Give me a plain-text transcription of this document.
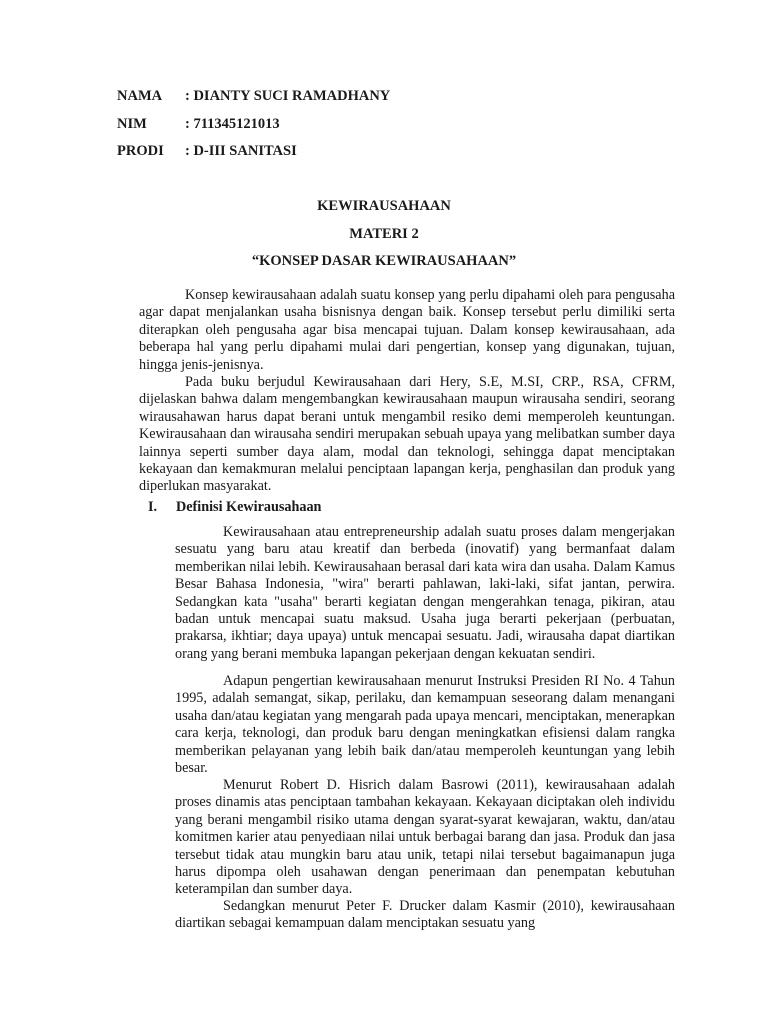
NAMA : DIANTY SUCI RAMADHANY
NIM	: 711345121013
PRODI : D-III SANITASI
KEWIRAUSAHAAN
MATERI 2
“KONSEP DASAR KEWIRAUSAHAAN”

Konsep kewirausahaan adalah suatu konsep yang perlu dipahami oleh para pengusaha agar dapat menjalankan usaha bisnisnya dengan baik. Konsep tersebut perlu dimiliki serta diterapkan oleh pengusaha agar bisa mencapai tujuan. Dalam konsep kewirausahaan, ada beberapa hal yang perlu dipahami mulai dari pengertian, konsep yang digunakan, tujuan, hingga jenis-jenisnya.

Pada buku berjudul Kewirausahaan dari Hery, S.E, M.SI, CRP., RSA, CFRM, dijelaskan bahwa dalam mengembangkan kewirausahaan maupun wirausaha sendiri, seorang wirausahawan harus dapat berani untuk mengambil resiko demi memperoleh keuntungan. Kewirausahaan dan wirausaha sendiri merupakan sebuah upaya yang melibatkan sumber daya lainnya seperti sumber daya alam, modal dan teknologi, sehingga dapat menciptakan kekayaan dan kemakmuran melalui penciptaan lapangan kerja, penghasilan dan produk yang diperlukan masyarakat.

I. Definisi Kewirausahaan

Kewirausahaan atau entrepreneurship adalah suatu proses dalam mengerjakan sesuatu yang baru atau kreatif dan berbeda (inovatif) yang bermanfaat dalam memberikan nilai lebih. Kewirausahaan berasal dari kata wira dan usaha. Dalam Kamus Besar Bahasa Indonesia, "wira" berarti pahlawan, laki-laki, sifat jantan, perwira. Sedangkan kata "usaha" berarti kegiatan dengan mengerahkan tenaga, pikiran, atau badan untuk mencapai suatu maksud. Usaha juga berarti pekerjaan (perbuatan, prakarsa, ikhtiar; daya upaya) untuk mencapai sesuatu. Jadi, wirausaha dapat diartikan orang yang berani membuka lapangan pekerjaan dengan kekuatan sendiri.

Adapun pengertian kewirausahaan menurut Instruksi Presiden RI No. 4 Tahun 1995, adalah semangat, sikap, perilaku, dan kemampuan seseorang dalam menangani usaha dan/atau kegiatan yang mengarah pada upaya mencari, menciptakan, menerapkan cara kerja, teknologi, dan produk baru dengan meningkatkan efisiensi dalam rangka memberikan pelayanan yang lebih baik dan/atau memperoleh keuntungan yang lebih besar.

Menurut Robert D. Hisrich dalam Basrowi (2011), kewirausahaan adalah proses dinamis atas penciptaan tambahan kekayaan. Kekayaan diciptakan oleh individu yang berani mengambil risiko utama dengan syarat-syarat kewajaran, waktu, dan/atau komitmen karier atau penyediaan nilai untuk berbagai barang dan jasa. Produk dan jasa tersebut tidak atau mungkin baru atau unik, tetapi nilai tersebut bagaimanapun juga harus dipompa oleh usahawan dengan penerimaan dan penempatan kebutuhan keterampilan dan sumber daya.

Sedangkan menurut Peter F. Drucker dalam Kasmir (2010), kewirausahaan diartikan sebagai kemampuan dalam menciptakan sesuatu yang
